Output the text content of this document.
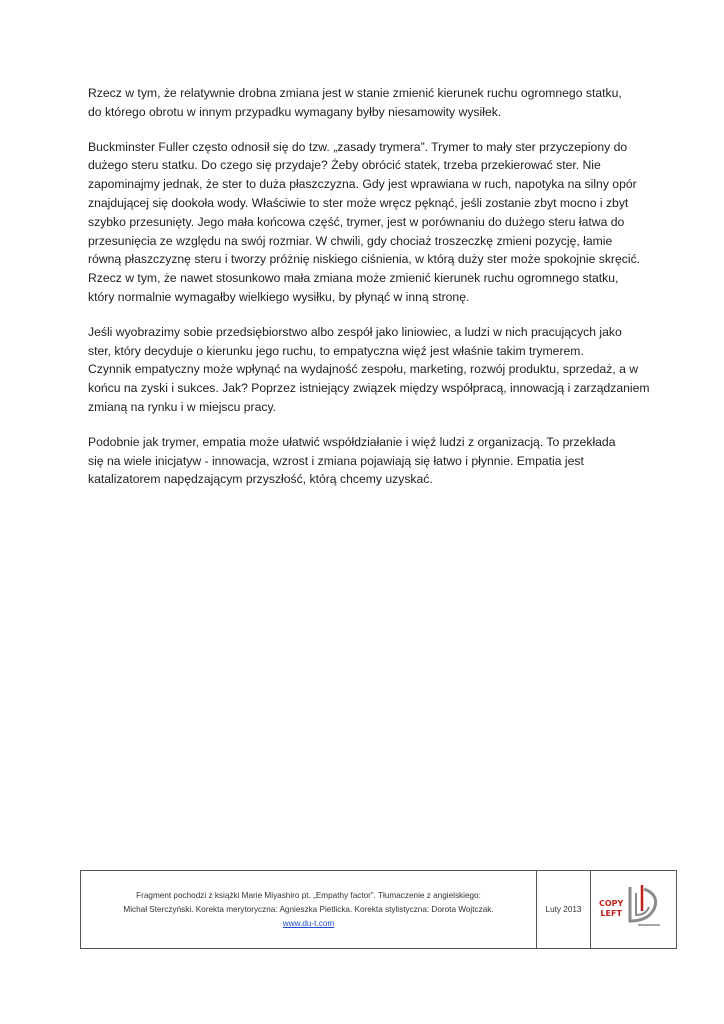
Rzecz w tym, że relatywnie drobna zmiana jest w stanie zmienić kierunek ruchu ogromnego statku,
do którego obrotu w innym przypadku wymagany byłby niesamowity wysiłek.

Buckminster Fuller często odnosił się do tzw. „zasady trymera”. Trymer to mały ster przyczepiony do
dużego steru statku. Do czego się przydaje? Żeby obrócić statek, trzeba przekierować ster. Nie
zapominajmy jednak, że ster to duża płaszczyzna. Gdy jest wprawiana w ruch, napotyka na silny opór
znajdującej się dookoła wody. Właściwie to ster może wręcz pęknąć, jeśli zostanie zbyt mocno i zbyt
szybko przesunięty. Jego mała końcowa część, trymer, jest w porównaniu do dużego steru łatwa do
przesunięcia ze względu na swój rozmiar. W chwili, gdy chociaż troszeczkę zmieni pozycję, łamie
równą płaszczyznę steru i tworzy próżnię niskiego ciśnienia, w którą duży ster może spokojnie skręcić.
Rzecz w tym, że nawet stosunkowo mała zmiana może zmienić kierunek ruchu ogromnego statku,
który normalnie wymagałby wielkiego wysiłku, by płynąć w inną stronę.

Jeśli wyobrazimy sobie przedsiębiorstwo albo zespół jako liniowiec, a ludzi w nich pracujących jako
ster, który decyduje o kierunku jego ruchu, to empatyczna więź jest właśnie takim trymerem.
Czynnik empatyczny może wpłynąć na wydajność zespołu, marketing, rozwój produktu, sprzedaż, a w
końcu na zyski i sukces. Jak? Poprzez istniejący związek między współpracą, innowacją i zarządzaniem
zmianą na rynku i w miejscu pracy.

Podobnie jak trymer, empatia może ułatwić współdziałanie i więź ludzi z organizacją. To przekłada
się na wiele inicjatyw - innowacja, wzrost i zmiana pojawiają się łatwo i płynnie. Empatia jest
katalizatorem napędzającym przyszłość, którą chcemy uzyskać.

Fragment pochodzi z książki Marie Miyashiro pt. „Empathy factor”. Tłumaczenie z angielskiego:
Michał Sterczyński. Korekta merytoryczna: Agnieszka Pietlicka. Korekta stylistyczna: Dorota Wojtczak.
www.du-t.com
Luty 2013
COPY
LEFT
